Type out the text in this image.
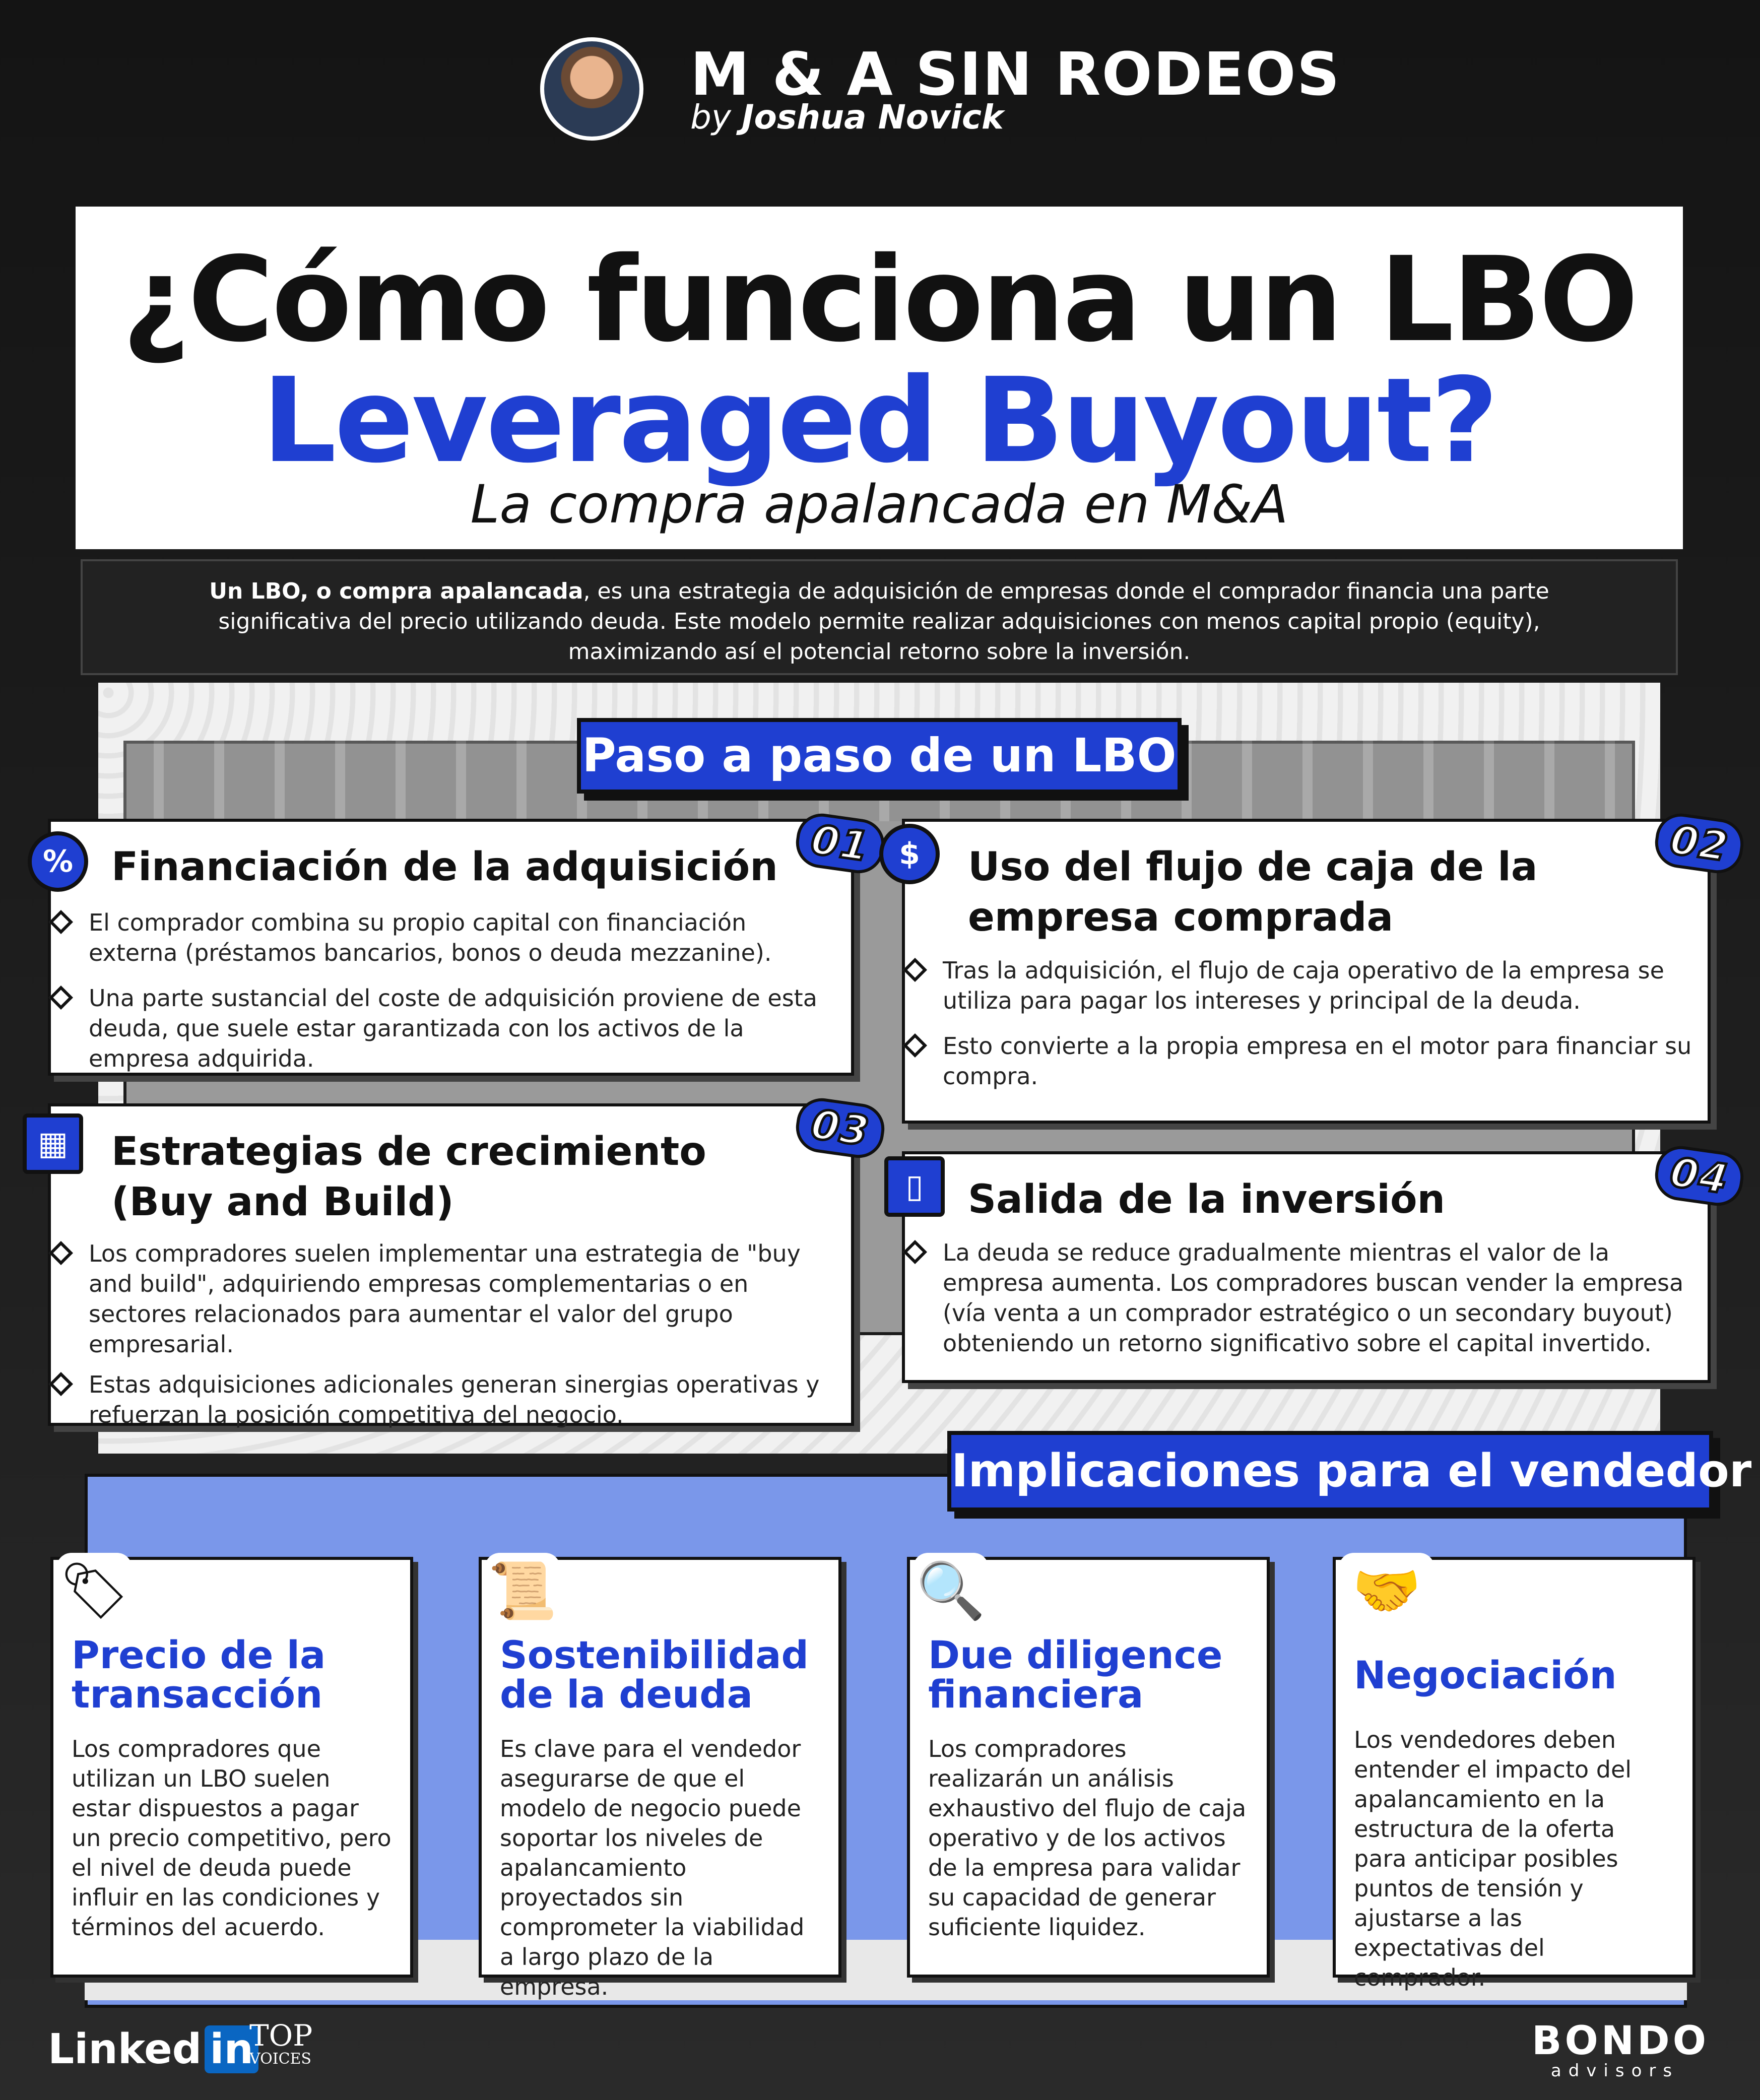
M & A SIN RODEOS
by Joshua Novick
¿Cómo funciona un LBO
Leveraged Buyout?
La compra apalancada en M&A
Un LBO, o compra apalancada, es una estrategia de adquisición de empresas donde el comprador financia una parte significativa del precio utilizando deuda. Este modelo permite realizar adquisiciones con menos capital propio (equity), maximizando así el potencial retorno sobre la inversión.
Paso a paso de un LBO
Financiación de la adquisición
El comprador combina su propio capital con financiación externa (préstamos bancarios, bonos o deuda mezzanine).
Una parte sustancial del coste de adquisición proviene de esta deuda, que suele estar garantizada con los activos de la empresa adquirida.
%	01	Uso del flujo de caja de la empresa comprada
Tras la adquisición, el flujo de caja operativo de la empresa se utiliza para pagar los intereses y principal de la deuda.
Esto convierte a la propia empresa en el motor para financiar su compra.
$	02
Estrategias de crecimiento (Buy and Build)
Los compradores suelen implementar una estrategia de "buy and build", adquiriendo empresas complementarias o en sectores relacionados para aumentar el valor del grupo empresarial.
Estas adquisiciones adicionales generan sinergias operativas y refuerzan la posición competitiva del negocio.
▦	03
Salida de la inversión
La deuda se reduce gradualmente mientras el valor de la empresa aumenta. Los compradores buscan vender la empresa (vía venta a un comprador estratégico o un secondary buyout) obteniendo un retorno significativo sobre el capital invertido.
▯	04
Implicaciones para el vendedor
🏷
Precio de la transacción
Los compradores que utilizan un LBO suelen estar dispuestos a pagar un precio competitivo, pero el nivel de deuda puede influir en las condiciones y términos del acuerdo.
📜
Sostenibilidad de la deuda
Es clave para el vendedor asegurarse de que el modelo de negocio puede soportar los niveles de apalancamiento proyectados sin comprometer la viabilidad a largo plazo de la empresa.
🔍
Due diligence financiera
Los compradores realizarán un análisis exhaustivo del flujo de caja operativo y de los activos de la empresa para validar su capacidad de generar suficiente liquidez.
🤝
Negociación
Los vendedores deben entender el impacto del apalancamiento en la estructura de la oferta para anticipar posibles puntos de tensión y ajustarse a las expectativas del comprador.
Linked in
TOP
VOICES	BONDO
advisors
